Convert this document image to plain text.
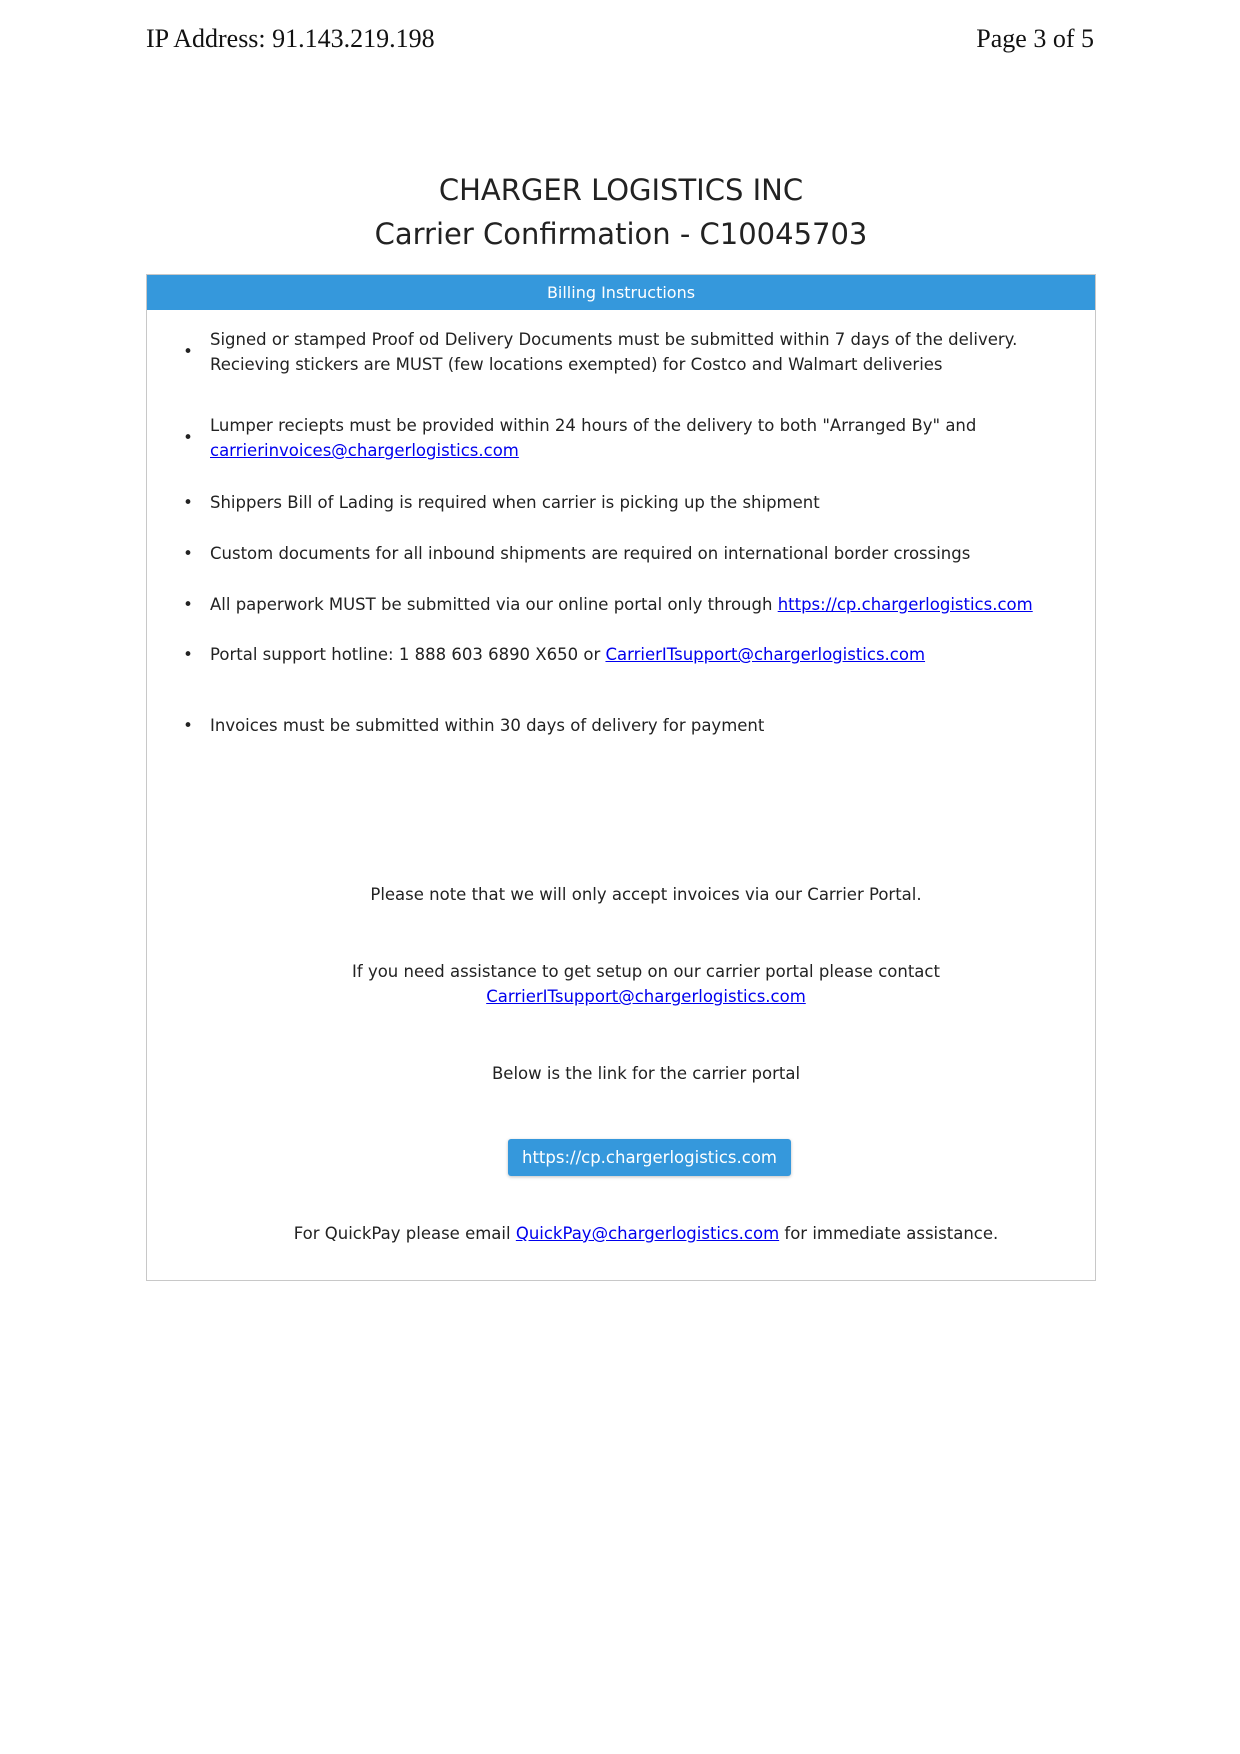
IP Address: 91.143.219.198	Page 3 of 5
CHARGER LOGISTICS INC
Carrier Confirmation - C10045703
Billing Instructions
•
Signed or stamped Proof od Delivery Documents must be submitted within 7 days of the delivery.
Recieving stickers are MUST (few locations exempted) for Costco and Walmart deliveries
•
Lumper reciepts must be provided within 24 hours of the delivery to both "Arranged By" and
carrierinvoices@chargerlogistics.com
• Shippers Bill of Lading is required when carrier is picking up the shipment
• Custom documents for all inbound shipments are required on international border crossings
• All paperwork MUST be submitted via our online portal only through https://cp.chargerlogistics.com
• Portal support hotline: 1 888 603 6890 X650 or CarrierITsupport@chargerlogistics.com
• Invoices must be submitted within 30 days of delivery for payment
Please note that we will only accept invoices via our Carrier Portal.
If you need assistance to get setup on our carrier portal please contact
CarrierITsupport@chargerlogistics.com
Below is the link for the carrier portal
https://cp.chargerlogistics.com
For QuickPay please email QuickPay@chargerlogistics.com for immediate assistance.
